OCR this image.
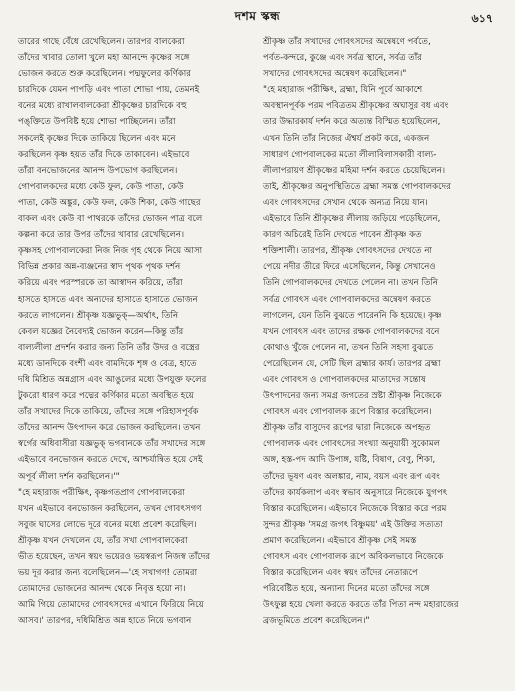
দশম স্কন্ধ	৬১৭

তারের গাছে বেঁধে রেখেছিলেন। তারপর বালকেরা
তাঁদের খাবার তোলা খুলে মহা আনন্দে কৃষ্ণের সঙ্গে
ভোজন করতে শুরু করেছিলেন। পদ্মফুলের কর্ণিকার
চারদিকে যেমন পাপড়ি এবং পাতা শোভা পায়, তেমনই
বনের মধ্যে রাখালবালকেরা শ্রীকৃষ্ণের চারদিকে বহু
পঙ্‌ক্তিতে উপবিষ্ট হয়ে শোভা পাচ্ছিলেন। তাঁরা
সকলেই কৃষ্ণের দিকে তাকিয়ে ছিলেন এবং মনে
করছিলেন কৃষ্ণ হয়ত তাঁর দিকে তাকাবেন। এইভাবে
তাঁরা বনভোজনের আনন্দ উপভোগ করছিলেন।
গোপবালকদের মধ্যে কেউ ফুল, কেউ পাতা, কেউ
পাতা, কেউ অঙ্কুর, কেউ ফল, কেউ শিকা, কেউ গাছের
বাকল এবং কেউ বা পাথরকে তাঁদের ভোজন পাত্র বলে
কল্পনা করে তার উপর তাঁদের খাবার রেখেছিলেন।
কৃষ্ণসহ গোপবালকেরা নিজ নিজ গৃহ থেকে নিয়ে আসা
বিভিন্ন প্রকার অন্ন-ব্যঞ্জনের স্বাদ পৃথক পৃথক দর্শন
করিয়ে এবং পরস্পরকে তা আস্বাদন করিয়ে, তাঁরা
হাসতে হাসতে এবং অন্যদের হাসাতে হাসাতে ভোজন
করতে লাগলেন। শ্রীকৃষ্ণ যজ্ঞভুক্‌—অর্থাৎ, তিনি
কেবল যজ্ঞের নৈবেদ্যই ভোজন করেন—কিন্তু তাঁর
বাল্যলীলা প্রদর্শন করার জন্য তিনি তাঁর উদর ও বস্ত্রের
মধ্যে ডানদিকে বংশী এবং বামদিকে শৃঙ্গ ও বেত্র, হাতে
দধি মিশ্রিত অন্নগ্রাস এবং আঙুলের মধ্যে উপযুক্ত ফলের
টুকরো ধারণ করে পদ্মের কর্ণিকার মতো অবস্থিত হয়ে
তাঁর সখাদের দিকে তাকিয়ে, তাঁদের সঙ্গে পরিহাসপূর্বক
তাঁদের আনন্দ উৎপাদন করে ভোজন করছিলেন। তখন
স্বর্গের অধিবাসীরা যজ্ঞভুক্‌ ভগবানকে তাঁর সখাদের সঙ্গে
এইভাবে বনভোজন করতে দেখে, আশ্চর্যান্বিত হয়ে সেই
অপূর্ব লীলা দর্শন করছিলেন।'"

"হে মহারাজ পরীক্ষিৎ, কৃষ্ণগতপ্রাণ গোপবালকেরা
যখন এইভাবে বনভোজন করছিলেন, তখন গোবৎসগণ
সবুজ ঘাসের লোভে দূরে বনের মধ্যে প্রবেশ করেছিল।
শ্রীকৃষ্ণ যখন দেখলেন যে, তাঁর সখা গোপবালকেরা
ভীত হয়েছেন, তখন স্বয়ং ভয়েরও ভয়স্বরূপ নিজস্ব তাঁদের
ভয় দূর করার জন্য বলেছিলেন—'হে সখাগণ! তোমরা
তোমাদের ভোজনের আনন্দ থেকে নিবৃত্ত হয়ো না।
আমি গিয়ে তোমাদের গোবৎসদের এখানে ফিরিয়ে নিয়ে
আসব।' তারপর, দধিমিশ্রিত অন্ন হাতে নিয়ে ভগবান

শ্রীকৃষ্ণ তাঁর সখাদের গোবৎসদের অন্বেষণে পর্বতে,
পর্বত-কন্দরে, কুঞ্জে এবং সর্বত্র স্থানে, সর্বত্র তাঁর
সখাদের গোবৎসদের অন্বেষণ করেছিলেন।"

"হে মহারাজ পরীক্ষিৎ, ব্রহ্মা, যিনি পূর্বে আকাশে
অবস্থানপূর্বক পরম পবিত্রতম শ্রীকৃষ্ণের অঘাসুর বধ এবং
তার উদ্ধারকার্য দর্শন করে অত্যন্ত বিস্মিত হয়েছিলেন,
এখন তিনি তাঁর নিজের ঐশ্বর্য প্রকট করে, একজন
সাধারণ গোপবালকের মতো লীলাবিলাসকারী বাল্য-
লীলাপরায়ণ শ্রীকৃষ্ণের মহিমা দর্শন করতে চেয়েছিলেন।
তাই, শ্রীকৃষ্ণের অনুপস্থিতিতে ব্রহ্মা সমস্ত গোপবালকদের
এবং গোবৎসদের সেখান থেকে অন্যত্র নিয়ে যান।
এইভাবে তিনি শ্রীকৃষ্ণের লীলায় জড়িয়ে পড়েছিলেন,
কারণ অচিরেই তিনি দেখতে পাবেন শ্রীকৃষ্ণ কত
শক্তিশালী। তারপর, শ্রীকৃষ্ণ গোবৎসদের দেখতে না
পেয়ে নদীর তীরে ফিরে এসেছিলেন, কিন্তু সেখানেও
তিনি গোপবালকদের দেখতে পেলেন না। তখন তিনি
সর্বত্র গোবৎস এবং গোপবালকদের অন্বেষণ করতে
লাগলেন, যেন তিনি বুঝতে পারেননি কি হয়েছে। কৃষ্ণ
যখন গোবৎস এবং তাদের রক্ষক গোপবালকদের বনে
কোথাও খুঁজে পেলেন না, তখন তিনি সহসা বুঝতে
পেরেছিলেন যে, সেটি ছিল ব্রহ্মার কার্য। তারপর ব্রহ্মা
এবং গোবৎস ও গোপবালকদের মাতাদের সন্তোষ
উৎপাদনের জন্য সমগ্র জগতের স্রষ্টা শ্রীকৃষ্ণ নিজেকে
গোবৎস এবং গোপবালক রূপে বিস্তার করেছিলেন।
শ্রীকৃষ্ণ তাঁর বাসুদেব রূপের দ্বারা নিজেকে অপহৃত
গোপবালক এবং গোবৎসের সংখ্যা অনুযায়ী সুকোমল
অঙ্গ, হস্ত-পদ আদি উপাঙ্গ, যষ্টি, বিষাণ, বেণু, শিকা,
তাঁদের ভূষণ এবং অলঙ্কার, নাম, বয়স এবং রূপ এবং
তাঁদের কার্যকলাপ এবং স্বভাব অনুসারে নিজেকে যুগপৎ
বিস্তার করেছিলেন। এইভাবে নিজেকে বিস্তার করে পরম
সুন্দর শ্রীকৃষ্ণ 'সমগ্র জগৎ বিষ্ণুময়' এই উক্তির সত্যতা
প্রমাণ করেছিলেন। এইভাবে শ্রীকৃষ্ণ সেই সমস্ত
গোবৎস এবং গোপবালক রূপে অবিকলভাবে নিজেকে
বিস্তার করেছিলেন এবং স্বয়ং তাঁদের নেতারূপে
পরিবেষ্টিত হয়ে, অন্যান্য দিনের মতো তাঁদের সঙ্গে
উৎফুল্ল হয়ে খেলা করতে করতে তাঁর পিতা নন্দ মহারাজের
ব্রজভূমিতে প্রবেশ করেছিলেন।"
